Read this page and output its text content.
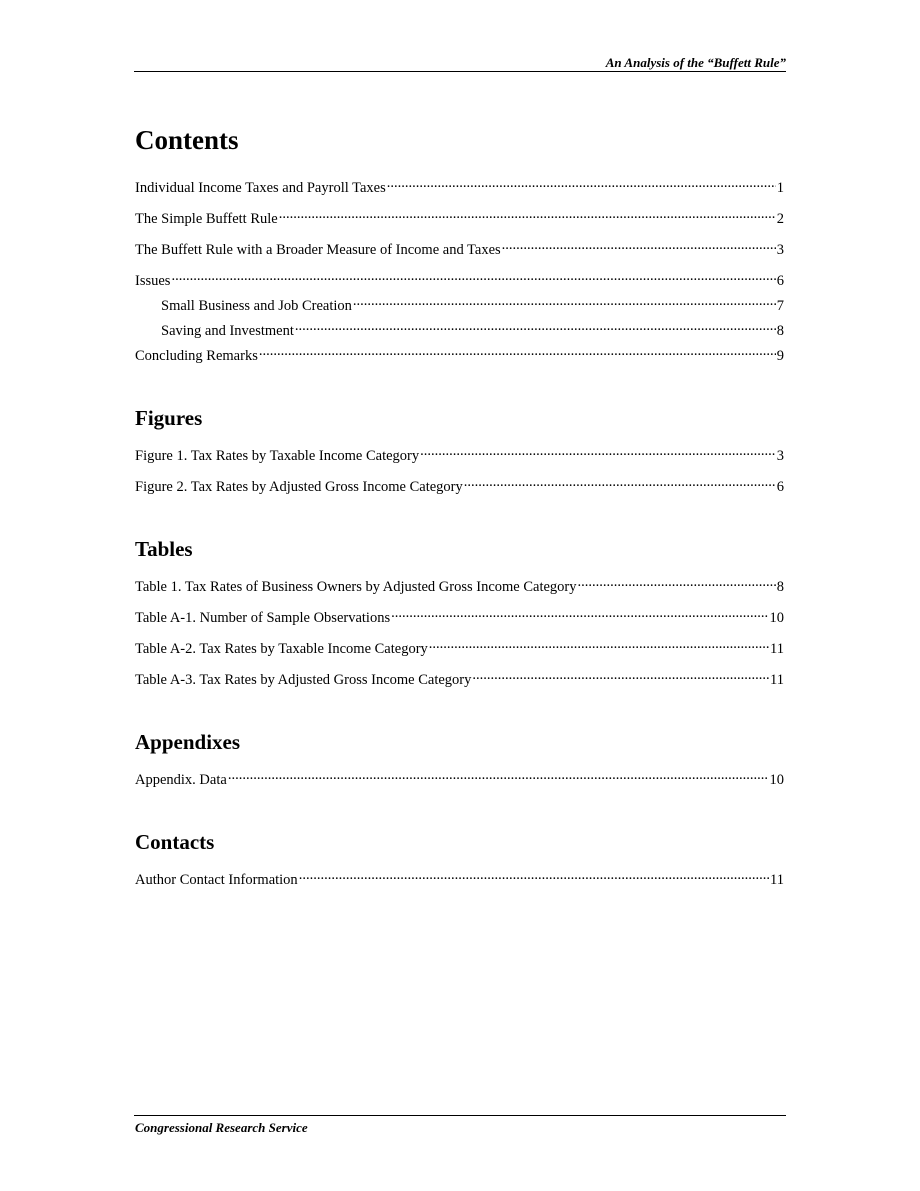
An Analysis of the “Buffett Rule”
Contents
Individual Income Taxes and Payroll Taxes .....	1
The Simple Buffett Rule .....	2
The Buffett Rule with a Broader Measure of Income and Taxes .....	3
Issues .....	6
Small Business and Job Creation .....	7
Saving and Investment .....	8
Concluding Remarks .....	9
Figures
Figure 1. Tax Rates by Taxable Income Category .....	3
Figure 2. Tax Rates by Adjusted Gross Income Category .....	6
Tables
Table 1. Tax Rates of Business Owners by Adjusted Gross Income Category .....	8
Table A-1. Number of Sample Observations .....	10
Table A-2. Tax Rates by Taxable Income Category .....	11
Table A-3. Tax Rates by Adjusted Gross Income Category .....	11
Appendixes
Appendix. Data .....	10
Contacts
Author Contact Information .....	11
Congressional Research Service
